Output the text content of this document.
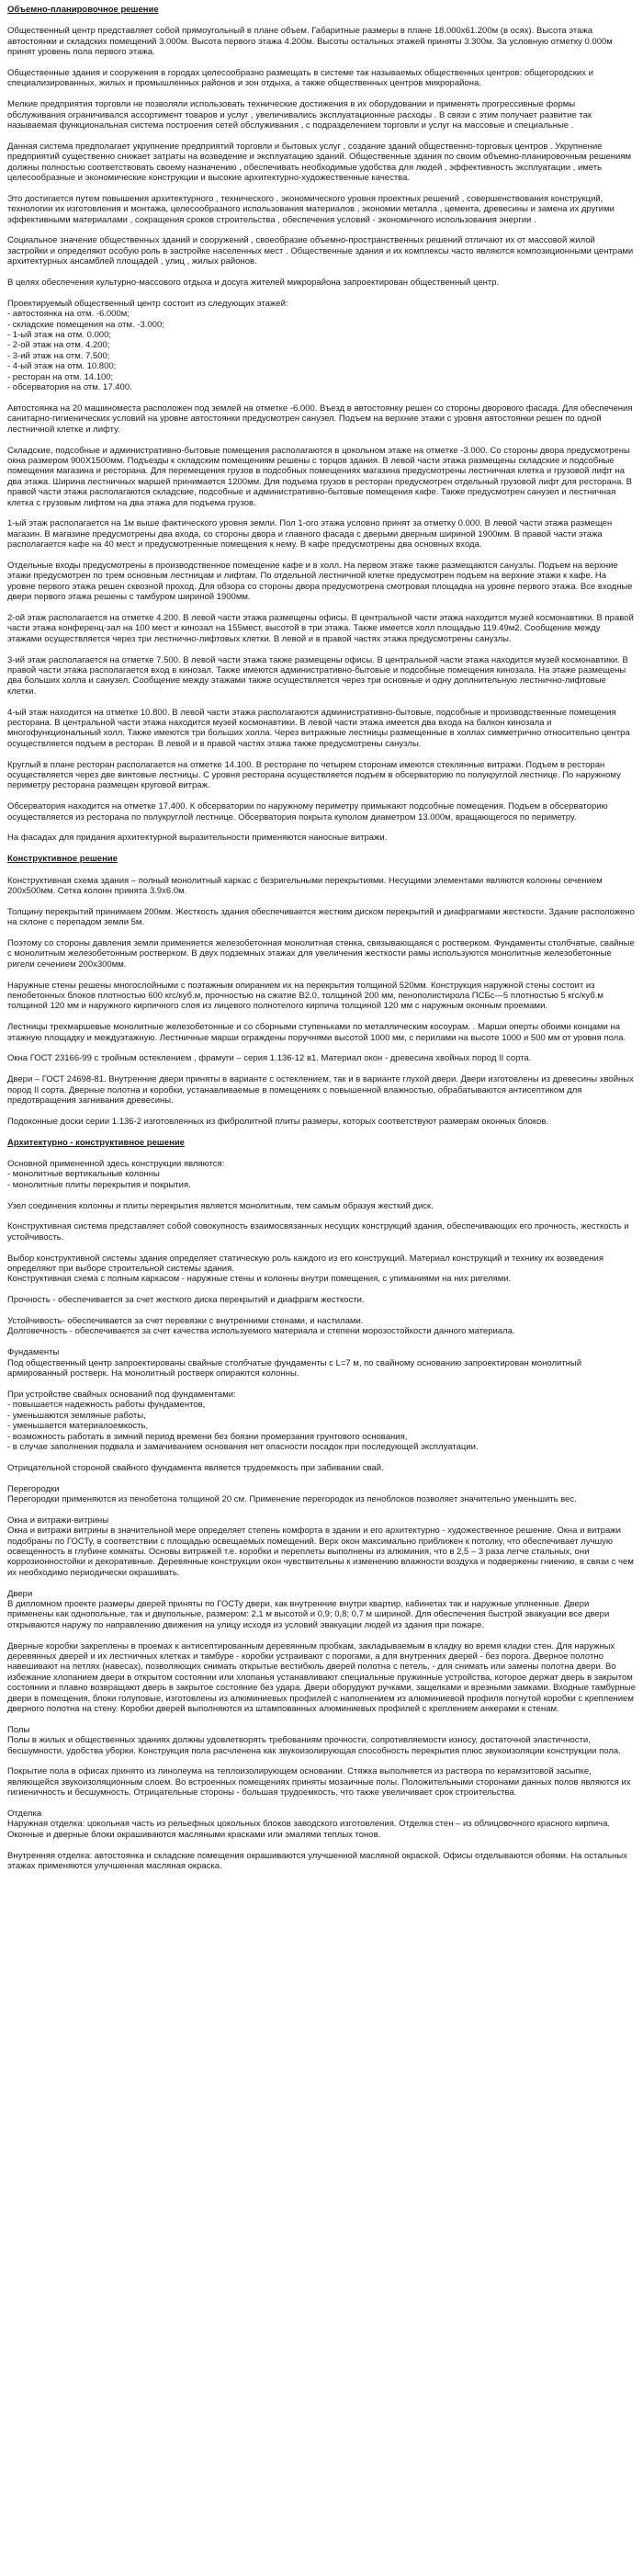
Объемно-планировочное решение

Общественный центр представляет собой прямоугольный в плане объем. Габаритные размеры в плане 18.000х61.200м (в осях). Высота этажа автостоянки и складских помещений 3.000м. Высота первого этажа 4.200м. Высоты остальных этажей приняты 3.300м. За условную отметку 0.000м принят уровень пола первого этажа.

Общественные здания и сооружения в городах целесообразно размещать в системе так называемых общественных центров: общегородских и специализированных, жилых и промышленных районов и зон отдыха, а также общественных центров микрорайона.

Мелкие предприятия торговли не позволяли использовать технические достижения в их оборудовании и применять прогрессивные формы обслуживания ограничивался ассортимент товаров и услуг , увеличивались эксплуатационные расходы . В связи с этим получает развитие так называемая функциональная система построения сетей обслуживания , с подразделением торговли и услуг на массовые и специальные .

Данная система предполагает укрупнение предприятий торговли и бытовых услуг , создание зданий общественно-торговых центров . Укрупнение предприятий существенно снижает затраты на возведение и эксплуатацию зданий. Общественные здания по своим объемно-планировочным решениям должны полностью соответствовать своему назначению , обеспечивать необходимые удобства для людей , эффективность эксплуатации , иметь целесообразные и экономические конструкции и высокие архитектурно-художественные качества.

Это достигается путем повышения архитектурного , технического , экономического уровня проектных решений , совершенствования конструкций, технологии их изготовления и монтажа, целесообразного использования материалов , экономии металла , цемента, древесины и замена их другими эффективными материалами , сокращения сроков строительства , обеспечения условий - экономичного использования энергии .

Социальное значение общественных зданий и сооружений , своеобразие объемно-пространственных решений отличают их от массовой жилой застройки и определяют особую роль в застройке населенных мест . Общественные здания и их комплексы часто являются композиционными центрами архитектурных ансамблей площадей , улиц , жилых районов.

В целях обеспечения культурно-массового отдыха и досуга жителей микрорайона запроектирован общественный центр.

Проектируемый общественный центр состоит из следующих этажей:
- автостоянка на отм. -6.000м;
- складские помещения на отм. -3.000;
- 1-ый этаж на отм. 0.000;
- 2-ой этаж на отм. 4.200;
- 3-ий этаж на отм. 7.500;
- 4-ый этаж на отм. 10.800;
- ресторан на отм. 14.100;
- обсерватория на отм. 17.400.

Автостоянка на 20 машиноместа расположен под землей на отметке -6.000. Въезд в автостоянку решен со стороны дворового фасада. Для обеспечения санитарно-гигиенических условий на уровне автостоянки предусмотрен санузел. Подъем на верхние этажи с уровня автостоянки решен по одной лестничной клетке и лифту.

Складские, подсобные и административно-бытовые помещения располагаются в цокольном этаже на отметке -3.000. Со стороны двора предусмотрены окна размером 900Х1500мм. Подъезды к складским помещениям решены с торцов здания. В левой части этажа размещены складские и подсобные помещения магазина и ресторана. Для перемещения грузов в подсобных помещениях магазина предусмотрены лестничная клетка и грузовой лифт на два этажа. Ширина лестничных маршей принимается 1200мм. Для подъема грузов в ресторан предусмотрен отдельный грузовой лифт для ресторана. В правой части этажа располагаются складские, подсобные и административно-бытовые помещения кафе. Также предусмотрен санузел и лестничная клетка с грузовым лифтом на два этажа для подъема грузов.

1-ый этаж располагается на 1м выше фактического уровня земли. Пол 1-ого этажа условно принят за отметку 0.000. В левой части этажа размещен магазин. В магазине предусмотрены два входа, со стороны двора и главного фасада с дверьми дверным шириной 1900мм. В правой части этажа располагается кафе на 40 мест и предусмотренные помещения к нему. В кафе предусмотрены два основных входа.

Отдельные входы предусмотрены в производственное помещение кафе и в холл. На первом этаже также размещаются санузлы. Подъем на верхние этажи предусмотрен по трем основным лестницам и лифтам. По отдельной лестничной клетке предусмотрен подъем на верхние этажи к кафе. На уровне первого этажа решен сквозной проход. Для обзора со стороны двора предусмотрена смотровая площадка на уровне первого этажа. Все входные двери первого этажа решены с тамбуром шириной 1900мм.

2-ой этаж располагается на отметке 4.200. В левой части этажа размещены офисы. В центральной части этажа находится музей космонавтики. В правой части этажа конференц-зал на 100 мест и кинозал на 155мест, высотой в три этажа. Также имеется холл площадью 119.49м2. Сообщение между этажами осуществляется через три лестнично-лифтовых клетки. В левой и в правой частях этажа предусмотрены санузлы.

3-ий этаж располагается на отметке 7.500. В левой части этажа также размещены офисы. В центральной части этажа находится музей космонавтики. В правой части этажа располагается вход в кинозал. Также имеются административно-бытовые и подсобные помещения кинозала. На этаже размещены два больших холла и санузел. Сообщение между этажами также осуществляется через три основные и одну доплнительную лестнично-лифтовые клетки.

4-ый этаж находится на отметке 10.800. В левой части этажа располагаются административно-бытовые, подсобные и производственные помещения ресторана. В центральной части этажа находится музей космонавтики. В левой части этажа имеется два входа на балкон кинозала и многофункциональный холл. Также имеются три больших холла. Через витражные лестницы размещенные в холлах симметрично относительно центра осуществляется подъем в ресторан. В левой и в правой частях этажа также предусмотрены санузлы.

Круглый в плане ресторан располагается на отметке 14.100. В ресторане по четырем сторонам имеются стеклянные витражи. Подъем в ресторан осуществляется через две винтовые лестницы. С уровня ресторана осуществляется подъем в обсерваторию по полукруглой лестнице. По наружному периметру ресторана размещен круговой витраж.

Обсерватория находится на отметке 17.400. К обсерватории по наружному периметру примыкают подсобные помещения. Подъем в обсерваторию осуществляется из ресторана по полукруглой лестнице. Обсерватория покрыта куполом диаметром 13.000м, вращающегося по периметру.

На фасадах для придания архитектурной выразительности применяются наносные витражи.

Конструктивное решение

Конструктивная схема здания – полный монолитный каркас с безригельными перекрытиями. Несущими элементами являются колонны сечением 200х500мм. Сетка колонн принята 3.9х6.0м.

Толщину перекрытий принимаем 200мм. Жесткость здания обеспечивается жестким диском перекрытий и диафрагмами жесткости. Здание расположено на склоне с перепадом земли 5м.

Поэтому со стороны давления земли применяется железобетонная монолитная стенка, связывающаяся с ростверком. Фундаменты столбчатые, свайные с монолитным железобетонным ростверком. В двух подземных этажах для увеличения жесткости рамы используются монолитные железобетонные ригели сечением 200х300мм.

Наружные стены решены многослойными с поэтажным опиранием их на перекрытия толщиной 520мм. Конструкция наружной стены состоит из пенобетонных блоков плотностью 600 кгс/куб.м, прочностью на сжатие В2.0, толщиной 200 мм, пенополистирола ПСБс—5 плотностью 5 кгс/куб.м толщиной 120 мм и наружного кирпичного слоя из лицевого полнотелого кирпича толщиной 120 мм с наружным оконным проемами.

Лестницы трехмаршевые монолитные железобетонные и со сборными ступеньками по металлическим косоурам. . Марши оперты обоими концами на этажную площадку и междуэтажную. Лестничные марши ограждены поручнями высотой 1000 мм, с перилами на высоте 1000 и 500 мм от уровня пола.

Окна ГОСТ 23166-99 с тройным остеклением , фрамуги – серия 1.136-12 в1. Материал окон - древесина хвойных пород II сорта.

Двери – ГОСТ 24698-81. Внутренние двери приняты в варианте с остеклением, так и в варианте глухой двери. Двери изготовлены из древесины хвойных пород II сорта. Дверные полотна и коробки, устанавливаемые в помещениях с повышенной влажностью, обрабатываются антисептиком для предотвращения загнивания древесины.

Подоконные доски серии 1.136-2 изготовленных из фибролитной плиты размеры, которых соответствуют размерам оконных блоков.

Архитектурно - конструктивное решение
Основной примененной здесь конструкции являются:
- монолитные вертикальные колонны
- монолитные плиты перекрытия и покрытия.

Узел соединения колонны и плиты перекрытия является монолитным, тем самым образуя жесткий диск.

Конструктивная система представляет собой совокупность взаимосвязанных несущих конструкций здания, обеспечивающих его прочность, жесткость и устойчивость.

Выбор конструктивной системы здания определяет статическую роль каждого из его конструкций. Материал конструкций и технику их возведения определяют при выборе строительной системы здания.
Конструктивная схема с полным каркасом - наружные стены и колонны внутри помещения, с упиманиями на них ригелями.

Прочность - обеспечивается за счет жесткого диска перекрытий и диафрагм жесткости.

Устойчивость- обеспечивается за счет перевязки с внутренними стенами, и настилами.
Долговечность - обеспечивается за счет качества используемого материала и степени морозостойкости данного материала.
Фундаменты
Под общественный центр запроектированы свайные столбчатые фундаменты с L=7 м, по свайному основанию запроектирован монолитный армированный ростверк. На монолитный ростверк опираются колонны.
При устройстве свайных оснований под фундаментами:
- повышается надежность работы фундаментов,
- уменьшаются земляные работы,
- уменьшается материалоемкость,
- возможность работать в зимний период времени без боязни промерзания грунтового основания,
- в случае заполнения подвала и замачиванием основания нет опасности посадок при последующей эксплуатации.

Отрицательной стороной свайного фундамента является трудоемкость при забивании свай.

Перегородки
Перегородки применяются из пенобетона толщиной 20 см. Применение перегородок из пеноблоков позволяет значительно уменьшить вес.
Окна и витражи-витрины
Окна и витражи витрины в значительной мере определяет степень комфорта в здании и его архитектурно - художественное решение. Окна и витражи подобраны по ГОСТу, в соответствии с площадью освещаемых помещений. Верх окон максимально приближен к потолку, что обеспечивает лучшую освещенность в глубине комнаты. Основы витражей т.е. коробки и переплеты выполнены из алюминия, что в 2,5 – 3 раза легче стальных, они коррозионностойки и декоративные. Деревянные конструкции окон чувствительны к изменению влажности воздуха и подвержены гниению, в связи с чем их необходимо периодически окрашивать.
Двери
В дипломном проекте размеры дверей приняты по ГОСТу двери, как внутренние внутри квартир, кабинетах так и наружные уплненные. Двери применены как однопольные, так и двупольные, размером: 2,1 м высотой и 0,9; 0,8; 0,7 м шириной. Для обеспечения быстрой эвакуации все двери открываются наружу по направлению движения на улицу исходя из условий эвакуации людей из здания при пожаре.

Дверные коробки закреплены в проемах к антисептированным деревянным пробкам, закладываемым в кладку во время кладки стен. Для наружных деревянных дверей и их лестничных клетках и тамбуре - коробки устраивают с порогами, а для внутренних дверей - без порога. Дверное полотно навешивают на петлях (навесах), позволяющих снимать открытые вестибюль дверей полотна с петель, - для снимать или замены полотна двери. Во избежание хлопанием двери в открытом состоянии или хлопанья устанавливают специальные пружинные устройства, которое держат дверь в закрытом состоянии и плавно возвращают дверь в закрытое состояние без удара. Двери оборудуют ручками, защелками и врезными замками. Входные тамбурные двери в помещения, блоки голуповые, изготовлены из алюминиевых профилей с наполнением из алюминиевой профиля погнутой коробки с креплением дверного полотна на стену. Коробки дверей выполняются из штампованных алюминиевых профилей с креплением анкерами к стенам.

Полы
Полы в жилых и общественных зданиях должны удовлетворять требованиям прочности, сопротивляемости износу, достаточной эластичности, бесшумности, удобства уборки. Конструкция пола расчленена как звукоизолирующая способность перекрытия плюс звукоизоляции конструкции пола.

Покрытие пола в офисах принято из линолеума на теплоизолирующем основании. Стяжка выполняется из раствора по керамзитовой засыпке, являющейся звукоизоляционным слоем. Во встроенных помещениях приняты мозаичные полы. Положительными сторонами данных полов являются их гигиеничность и бесшумность. Отрицательные стороны - большая трудоемкость, что также увеличивает срок строительства.

Отделка
Наружная отделка: цокольная часть из рельефных цокольных блоков заводского изготовления. Отделка стен – из облицовочного красного кирпича. Оконные и дверные блоки окрашиваются масляными красками или эмалями теплых тонов.

Внутренняя отделка: автостоянка и складские помещения окрашиваются улучшенной масляной окраской. Офисы отделываются обоями. На остальных этажах применяются улучшенная масляная окраска.
